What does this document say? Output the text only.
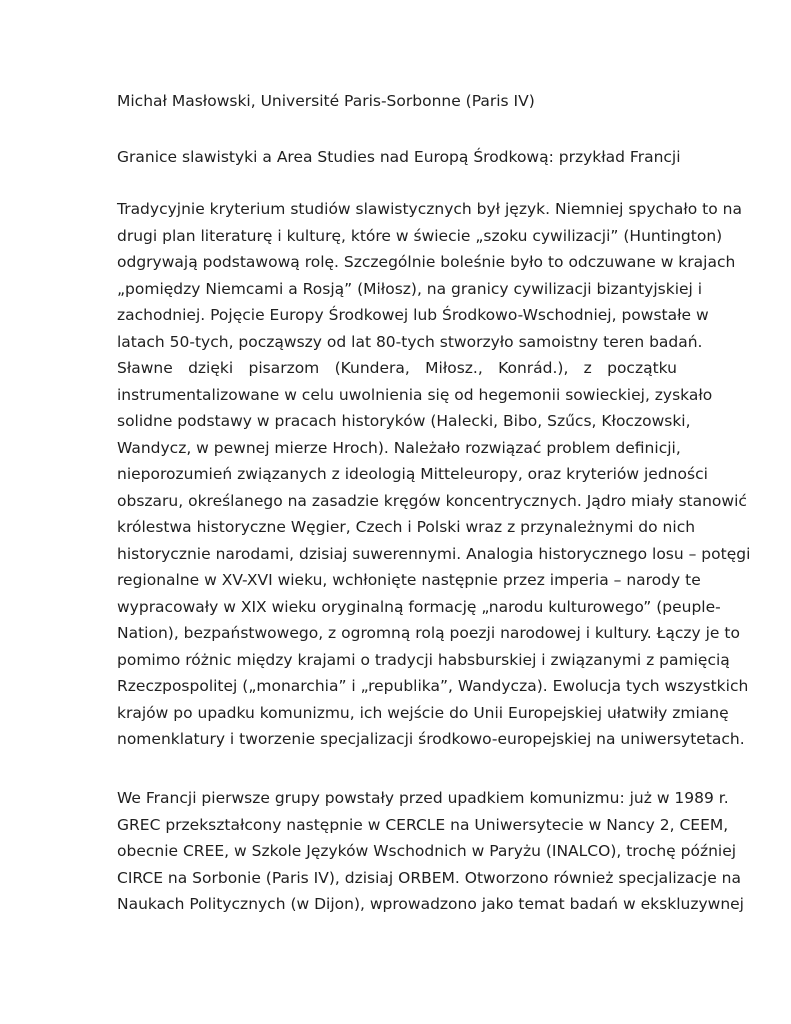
Michał Masłowski, Université Paris-Sorbonne (Paris IV)
Granice slawistyki a Area Studies nad Europą Środkową: przykład Francji
Tradycyjnie kryterium studiów slawistycznych był język. Niemniej spychało to na
drugi plan literaturę i kulturę, które w świecie „szoku cywilizacji” (Huntington)
odgrywają podstawową rolę. Szczególnie boleśnie było to odczuwane w krajach
„pomiędzy Niemcami a Rosją” (Miłosz), na granicy cywilizacji bizantyjskiej i
zachodniej. Pojęcie Europy Środkowej lub Środkowo-Wschodniej, powstałe w
latach 50-tych, począwszy od lat 80-tych stworzyło samoistny teren badań.
Sławne dzięki pisarzom (Kundera, Miłosz., Konrád.), z początku
instrumentalizowane w celu uwolnienia się od hegemonii sowieckiej, zyskało
solidne podstawy w pracach historyków (Halecki, Bibo, Szűcs, Kłoczowski,
Wandycz, w pewnej mierze Hroch). Należało rozwiązać problem definicji,
nieporozumień związanych z ideologią Mitteleuropy, oraz kryteriów jedności
obszaru, określanego na zasadzie kręgów koncentrycznych. Jądro miały stanowić
królestwa historyczne Węgier, Czech i Polski wraz z przynależnymi do nich
historycznie narodami, dzisiaj suwerennymi. Analogia historycznego losu – potęgi
regionalne w XV-XVI wieku, wchłonięte następnie przez imperia – narody te
wypracowały w XIX wieku oryginalną formację „narodu kulturowego” (peuple-
Nation), bezpaństwowego, z ogromną rolą poezji narodowej i kultury. Łączy je to
pomimo różnic między krajami o tradycji habsburskiej i związanymi z pamięcią
Rzeczpospolitej („monarchia” i „republika”, Wandycza). Ewolucja tych wszystkich
krajów po upadku komunizmu, ich wejście do Unii Europejskiej ułatwiły zmianę
nomenklatury i tworzenie specjalizacji środkowo-europejskiej na uniwersytetach.
We Francji pierwsze grupy powstały przed upadkiem komunizmu: już w 1989 r.
GREC przekształcony następnie w CERCLE na Uniwersytecie w Nancy 2, CEEM,
obecnie CREE, w Szkole Języków Wschodnich w Paryżu (INALCO), trochę później
CIRCE na Sorbonie (Paris IV), dzisiaj ORBEM. Otworzono również specjalizacje na
Naukach Politycznych (w Dijon), wprowadzono jako temat badań w ekskluzywnej
